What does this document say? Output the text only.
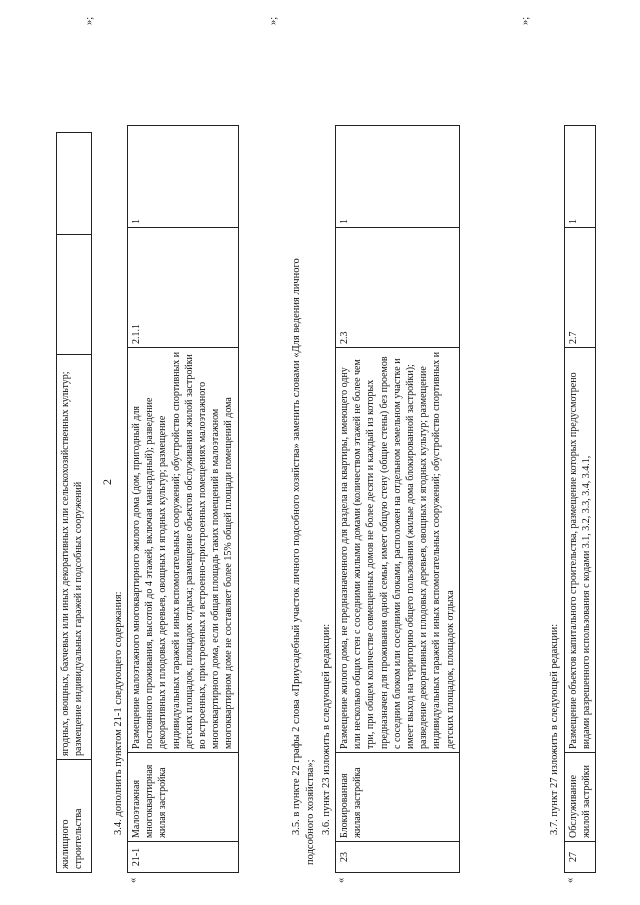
жилищного строительства	ягодных, овощных, бахчевых или иных декоративных или сельскохозяйственных культур; размещение индивидуальных гаражей и подсобных сооружений		
»;
2
3.4. дополнить пунктом 21-1 следующего содержания:
«
21-1	Малоэтажная многоквартирная жилая застройка	Размещение малоэтажного многоквартирного жилого дома (дом, пригодный для постоянного проживания, высотой до 4 этажей, включая мансардный); разведение декоративных и плодовых деревьев, овощных и ягодных культур; размещение индивидуальных гаражей и иных вспомогательных сооружений; обустройство спортивных и детских площадок, площадок отдыха; размещение объектов обслуживания жилой застройки во встроенных, пристроенных и встроенно-пристроенных помещениях малоэтажного многоквартирного дома, если общая площадь таких помещений в малоэтажном многоквартирном доме не составляет более 15% общей площади помещений дома	2.1.1	1
»;
3.5. в пункте 22 графы 2 слова «Приусадебный участок личного подсобного хозяйства» заменить словами «Для ведения личного подсобного хозяйства»; 3.6. пункт 23 изложить в следующей редакции:
«
23	Блокированная жилая застройка	Размещение жилого дома, не предназначенного для раздела на квартиры, имеющего одну или несколько общих стен с соседними жилыми домами (количеством этажей не более чем три, при общем количестве совмещенных домов не более десяти и каждый из которых предназначен для проживания одной семьи, имеет общую стену (общие стены) без проемов с соседним блоком или соседними блоками, расположен на отдельном земельном участке и имеет выход на территорию общего пользования (жилые дома блокированной застройки); разведение декоративных и плодовых деревьев, овощных и ягодных культур; размещение индивидуальных гаражей и иных вспомогательных сооружений; обустройство спортивных и детских площадок, площадок отдыха	2.3	1
»;
3.7. пункт 27 изложить в следующей редакции:
«
27	Обслуживание жилой застройки	Размещение объектов капитального строительства, размещение которых предусмотрено видами разрешенного использования с кодами 3.1, 3.2, 3.3, 3.4, 3.4.1,	2.7	1
